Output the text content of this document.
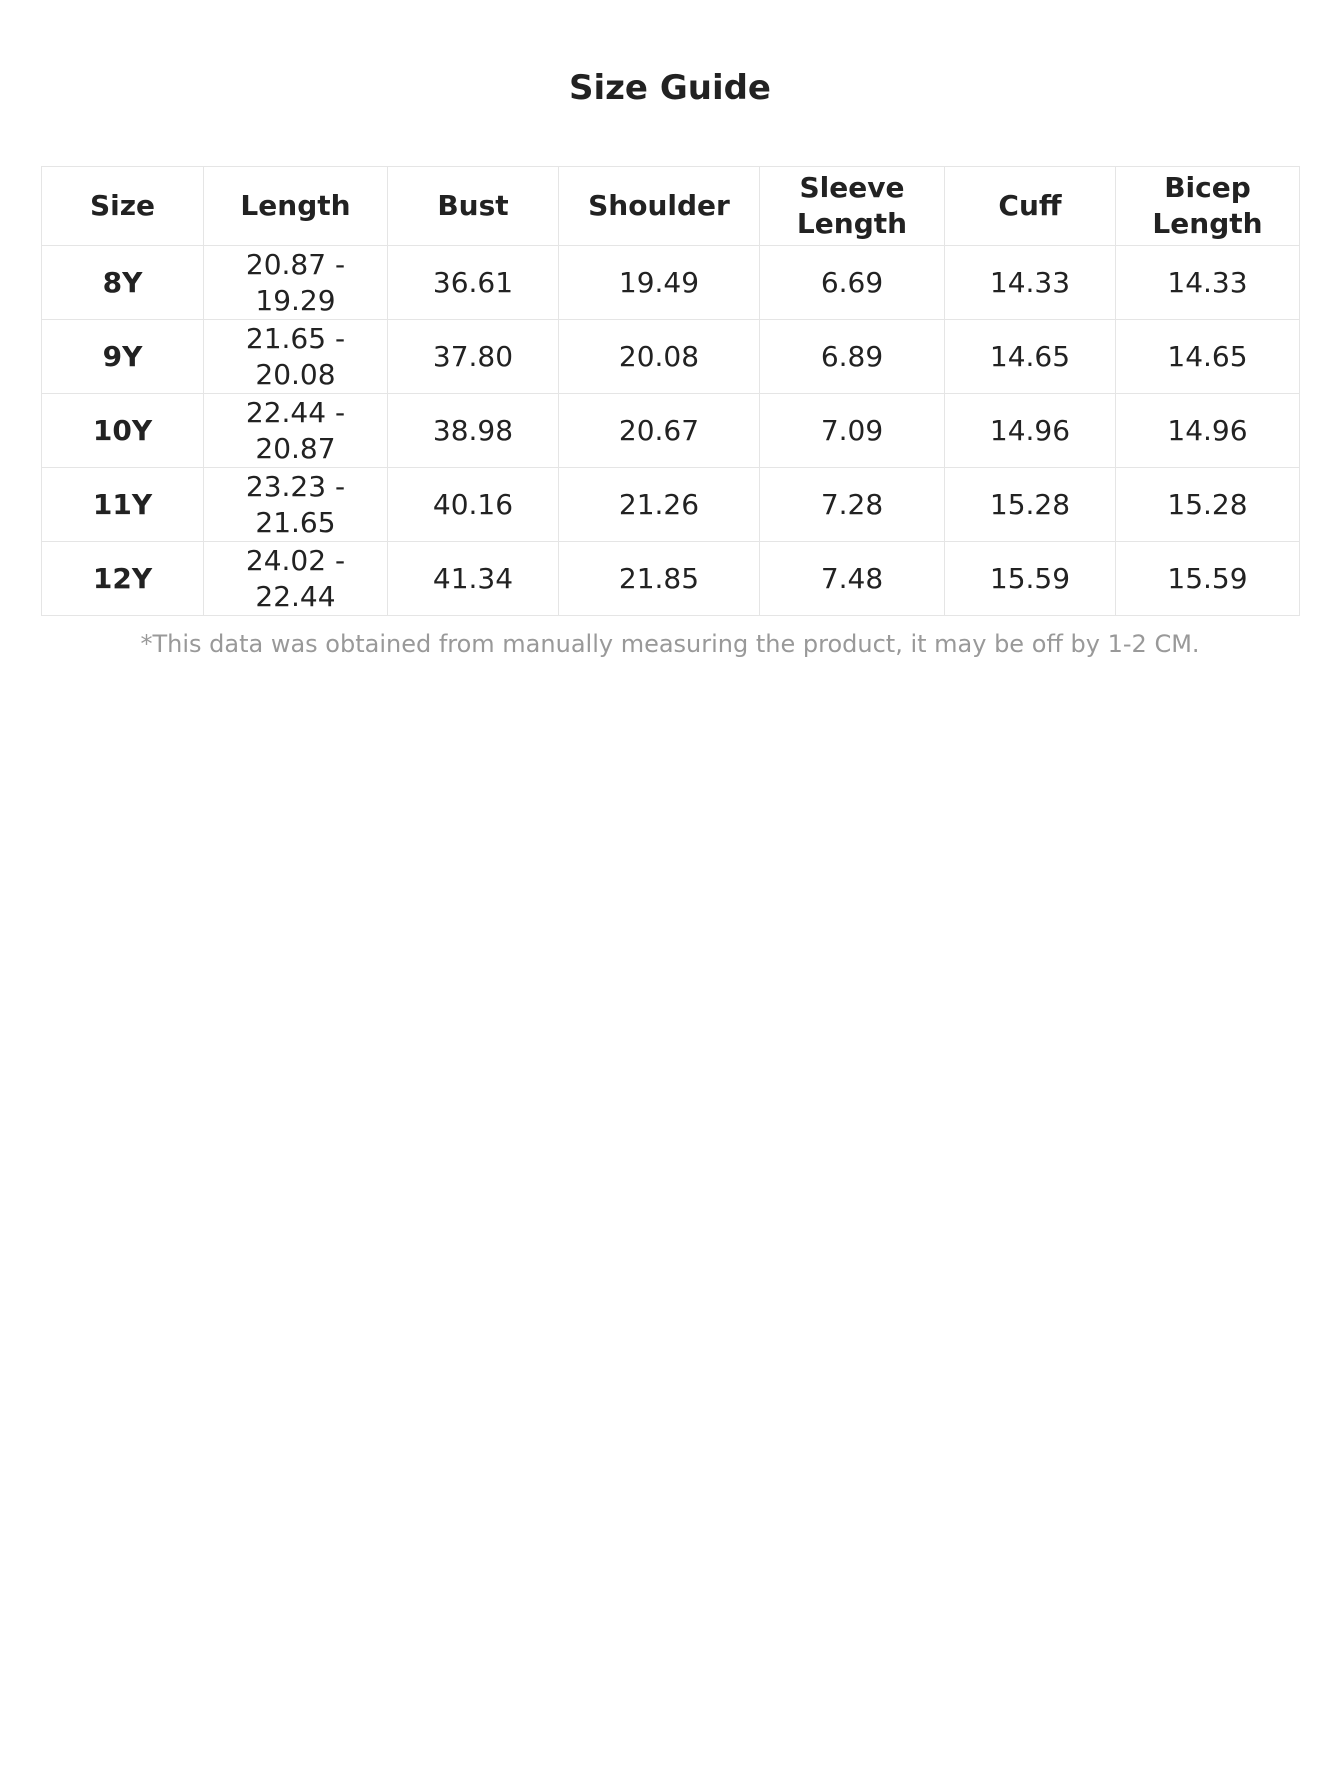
Size Guide
Size	Length	Bust	Shoulder	Sleeve Length	Cuff	Bicep Length
8Y	20.87 - 19.29	36.61	19.49	6.69	14.33	14.33
9Y	21.65 - 20.08	37.80	20.08	6.89	14.65	14.65
10Y	22.44 - 20.87	38.98	20.67	7.09	14.96	14.96
11Y	23.23 - 21.65	40.16	21.26	7.28	15.28	15.28
12Y	24.02 - 22.44	41.34	21.85	7.48	15.59	15.59

*This data was obtained from manually measuring the product, it may be off by 1-2 CM.
